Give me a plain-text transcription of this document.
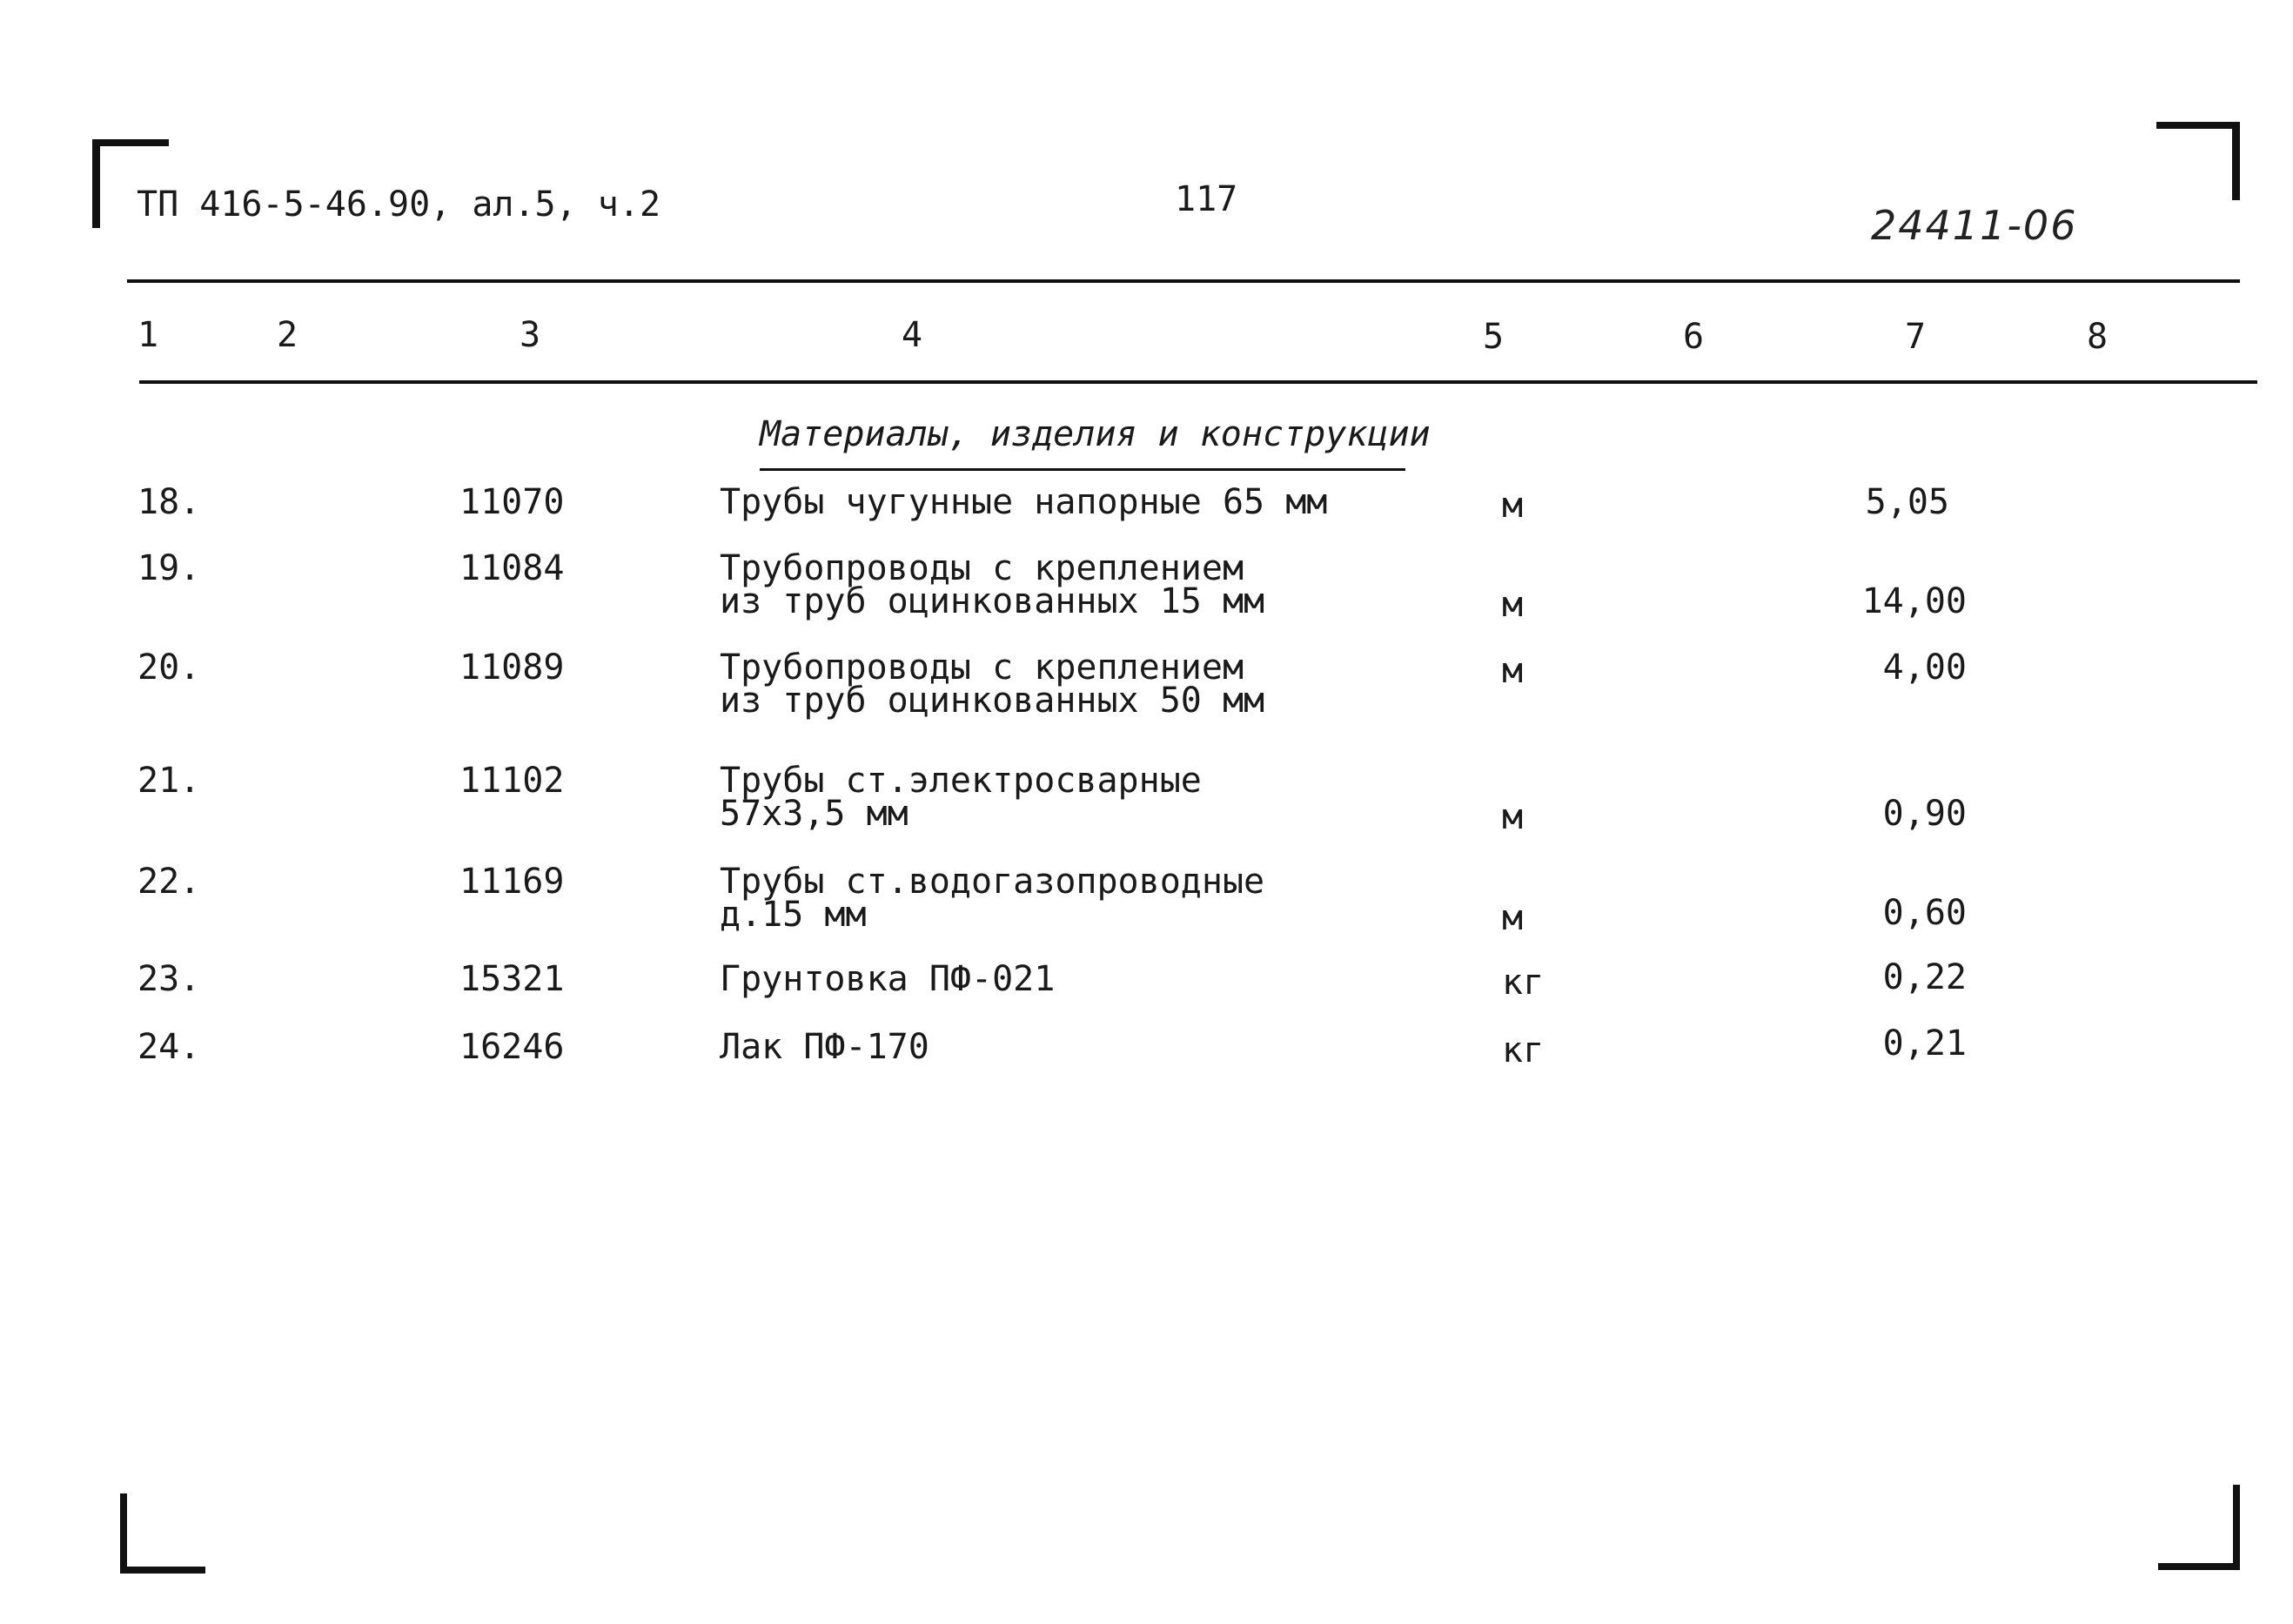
ТП 416-5-46.90, ал.5, ч.2	117
24411-06
1	2	3	4	5	6	7	8
Материалы, изделия и конструкции
18.	11070	Трубы чугунные напорные 65 мм	м	5,05
19.	11084	Трубопроводы с креплением
из труб оцинкованных 15 мм	м	14,00
20.	11089	Трубопроводы с креплением
из труб оцинкованных 50 мм
м	4,00
21.	11102	Трубы ст.электросварные
57x3,5 мм	м	0,90
22.	11169	Трубы ст.водогазопроводные
д.15 мм	м	0,60
23.	15321	Грунтовка ПФ-021	кг	0,22
24.	16246	Лак ПФ-170	кг	0,21
